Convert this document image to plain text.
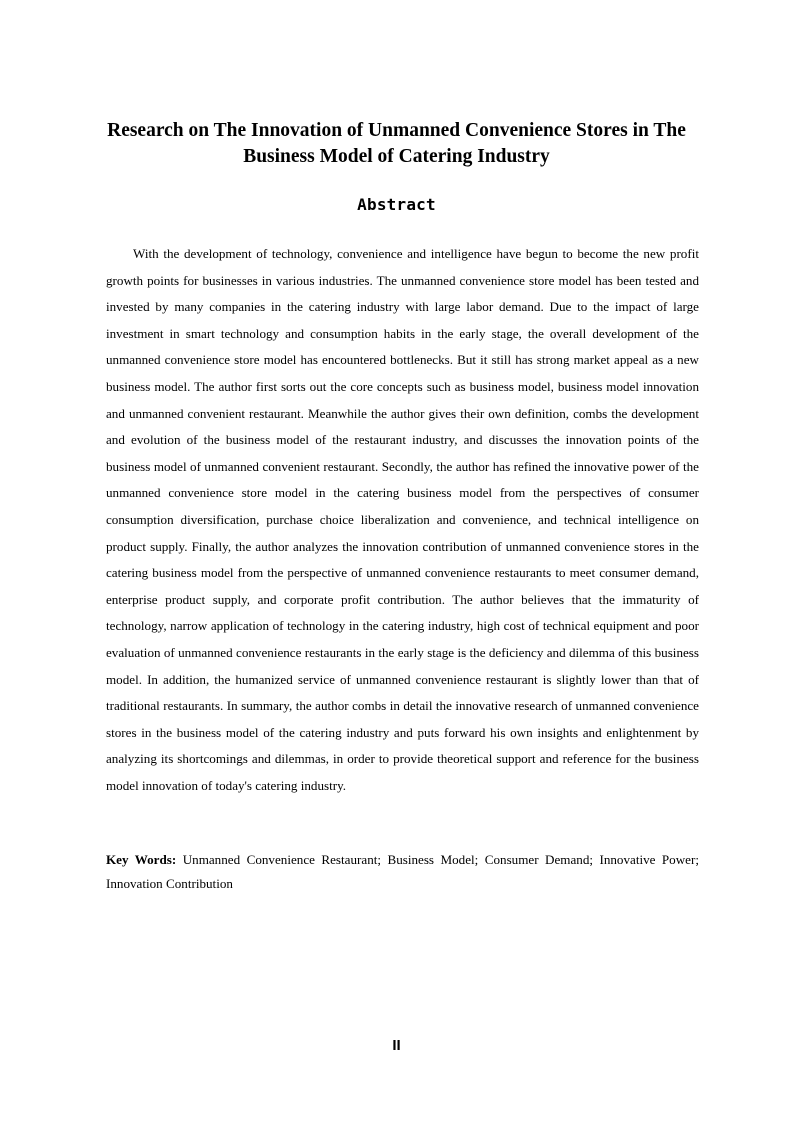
Research on The Innovation of Unmanned Convenience Stores in The Business Model of Catering Industry
Abstract

With the development of technology, convenience and intelligence have begun to become the new profit growth points for businesses in various industries. The unmanned convenience store model has been tested and invested by many companies in the catering industry with large labor demand. Due to the impact of large investment in smart technology and consumption habits in the early stage, the overall development of the unmanned convenience store model has encountered bottlenecks. But it still has strong market appeal as a new business model. The author first sorts out the core concepts such as business model, business model innovation and unmanned convenient restaurant. Meanwhile the author gives their own definition, combs the development and evolution of the business model of the restaurant industry, and discusses the innovation points of the business model of unmanned convenient restaurant. Secondly, the author has refined the innovative power of the unmanned convenience store model in the catering business model from the perspectives of consumer consumption diversification, purchase choice liberalization and convenience, and technical intelligence on product supply. Finally, the author analyzes the innovation contribution of unmanned convenience stores in the catering business model from the perspective of unmanned convenience restaurants to meet consumer demand, enterprise product supply, and corporate profit contribution. The author believes that the immaturity of technology, narrow application of technology in the catering industry, high cost of technical equipment and poor evaluation of unmanned convenience restaurants in the early stage is the deficiency and dilemma of this business model. In addition, the humanized service of unmanned convenience restaurant is slightly lower than that of traditional restaurants. In summary, the author combs in detail the innovative research of unmanned convenience stores in the business model of the catering industry and puts forward his own insights and enlightenment by analyzing its shortcomings and dilemmas, in order to provide theoretical support and reference for the business model innovation of today's catering industry.

Key Words: Unmanned Convenience Restaurant; Business Model; Consumer Demand; Innovative Power; Innovation Contribution

II
